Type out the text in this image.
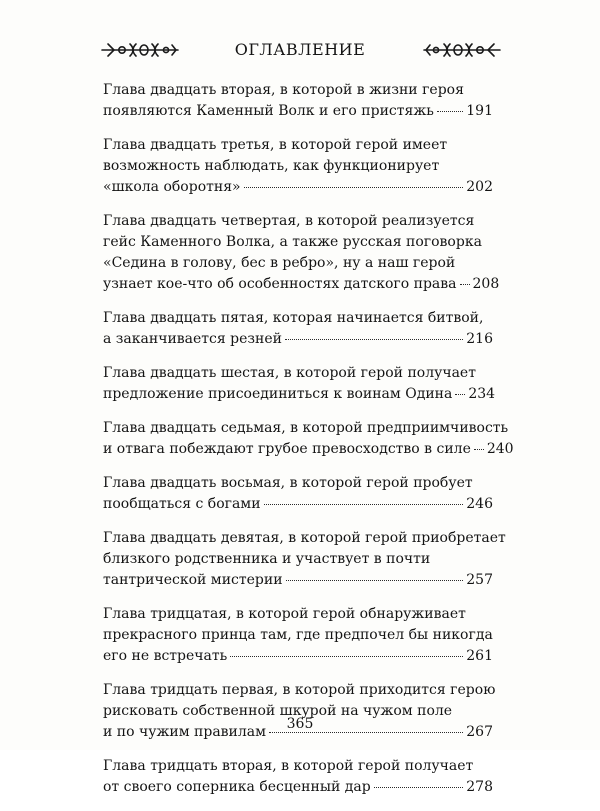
ОГЛАВЛЕНИЕ
Глава двадцать вторая, в которой в жизни героя
появляются Каменный Волк и его пристяжь 191
Глава двадцать третья, в которой герой имеет
возможность наблюдать, как функционирует
«школа оборотня»	202
Глава двадцать четвертая, в которой реализуется
гейс Каменного Волка, а также русская поговорка
«Седина в голову, бес в ребро», ну а наш герой
узнает кое-что об особенностях датского права 208
Глава двадцать пятая, которая начинается битвой,
а заканчивается резней	216
Глава двадцать шестая, в которой герой получает
предложение присоединиться к воинам Одина 234
Глава двадцать седьмая, в которой предприимчивость
и отвага побеждают грубое превосходство в силе 240
Глава двадцать восьмая, в которой герой пробует
пообщаться с богами	246
Глава двадцать девятая, в которой герой приобретает
близкого родственника и участвует в почти
тантрической мистерии	257
Глава тридцатая, в которой герой обнаруживает
прекрасного принца там, где предпочел бы никогда
его не встречать	261
Глава тридцать первая, в которой приходится герою
рисковать собственной шкурой на чужом поле
и по чужим правилам	267
Глава тридцать вторая, в которой герой получает
от своего соперника бесценный дар	278
365
